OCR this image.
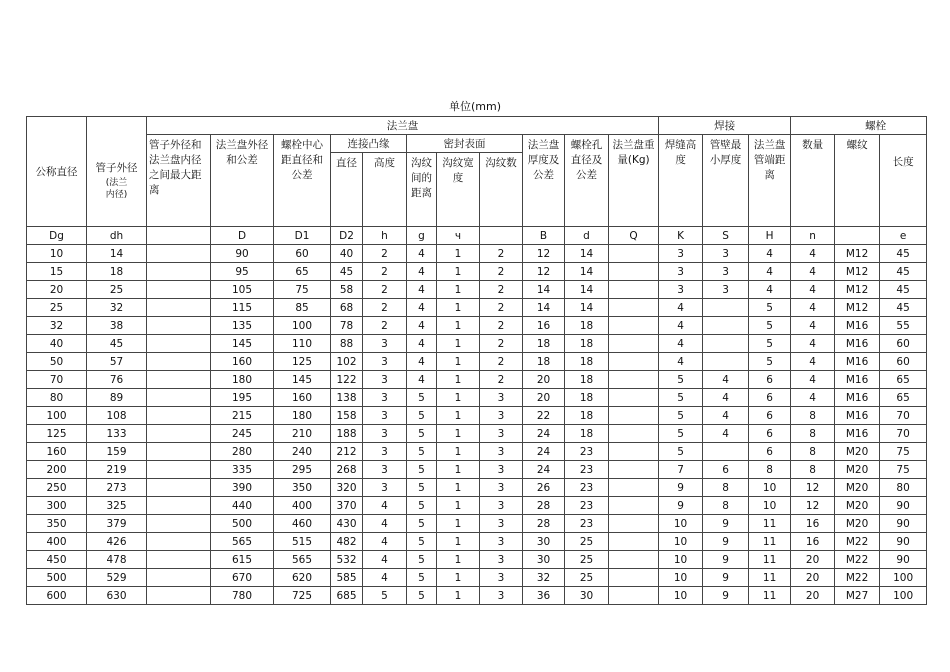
单位(mm)
公称直径	管子外径
(法兰内径)	法兰盘											焊接			螺栓		
		管子外径和法兰盘内径之间最大距离	法兰盘外径和公差	螺栓中心距直径和公差	连接凸缘		密封表面			法兰盘厚度及公差	螺栓孔直径及公差	法兰盘重量(Kg)	焊缝高度	管壁最小厚度	法兰盘管端距离	数量	螺纹	长度
					直径	高度	沟纹间的距离	沟纹宽度	沟纹数									
Dg	dh		D	D1	D2	h	g	ч		B	d	Q	K	S	H	n		e
10	14		90	60	40	2	4	1	2	12	14		3	3	4	4	M12	45
15	18		95	65	45	2	4	1	2	12	14		3	3	4	4	M12	45
20	25		105	75	58	2	4	1	2	14	14		3	3	4	4	M12	45
25	32		115	85	68	2	4	1	2	14	14		4		5	4	M12	45
32	38		135	100	78	2	4	1	2	16	18		4		5	4	M16	55
40	45		145	110	88	3	4	1	2	18	18		4		5	4	M16	60
50	57		160	125	102	3	4	1	2	18	18		4		5	4	M16	60
70	76		180	145	122	3	4	1	2	20	18		5	4	6	4	M16	65
80	89		195	160	138	3	5	1	3	20	18		5	4	6	4	M16	65
100	108		215	180	158	3	5	1	3	22	18		5	4	6	8	M16	70
125	133		245	210	188	3	5	1	3	24	18		5	4	6	8	M16	70
160	159		280	240	212	3	5	1	3	24	23		5		6	8	M20	75
200	219		335	295	268	3	5	1	3	24	23		7	6	8	8	M20	75
250	273		390	350	320	3	5	1	3	26	23		9	8	10	12	M20	80
300	325		440	400	370	4	5	1	3	28	23		9	8	10	12	M20	90
350	379		500	460	430	4	5	1	3	28	23		10	9	11	16	M20	90
400	426		565	515	482	4	5	1	3	30	25		10	9	11	16	M22	90
450	478		615	565	532	4	5	1	3	30	25		10	9	11	20	M22	90
500	529		670	620	585	4	5	1	3	32	25		10	9	11	20	M22	100
600	630		780	725	685	5	5	1	3	36	30		10	9	11	20	M27	100
